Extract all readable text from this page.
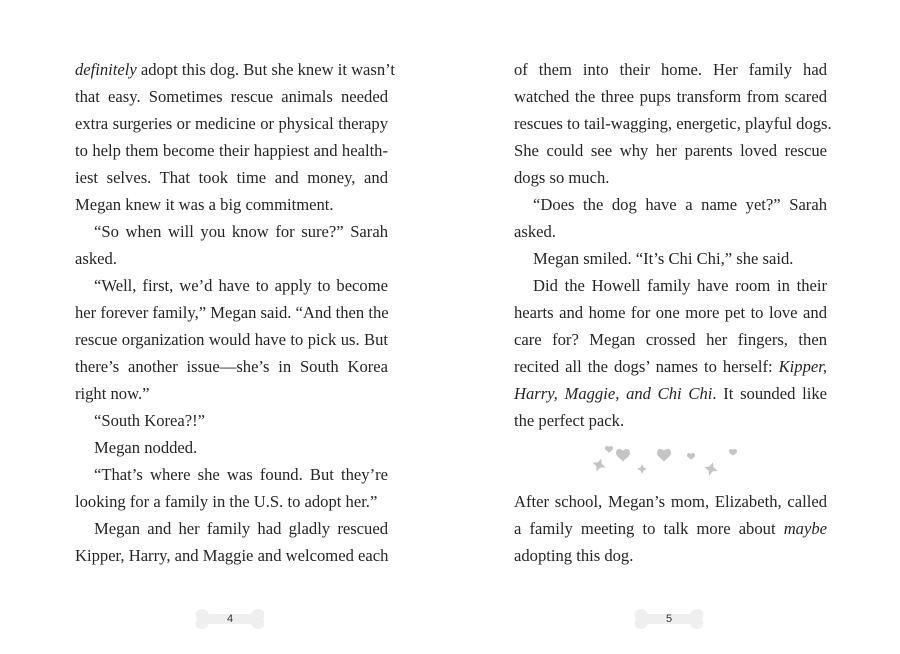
definitely adopt this dog. But she knew it wasn’t
that easy. Sometimes rescue animals needed
extra surgeries or medicine or physical therapy
to help them become their happiest and health-
iest selves. That took time and money, and
Megan knew it was a big commitment.
“So when will you know for sure?” Sarah
asked.
“Well, first, we’d have to apply to become
her forever family,” Megan said. “And then the
rescue organization would have to pick us. But
there’s another issue—she’s in South Korea
right now.”
“South Korea?!”
Megan nodded.
“That’s where she was found. But they’re
looking for a family in the U.S. to adopt her.”
Megan and her family had gladly rescued
Kipper, Harry, and Maggie and welcomed each
of them into their home. Her family had
watched the three pups transform from scared
rescues to tail-wagging, energetic, playful dogs.
She could see why her parents loved rescue
dogs so much.
“Does the dog have a name yet?” Sarah
asked.
Megan smiled. “It’s Chi Chi,” she said.
Did the Howell family have room in their
hearts and home for one more pet to love and
care for? Megan crossed her fingers, then
recited all the dogs’ names to herself: Kipper,
Harry, Maggie, and Chi Chi. It sounded like
the perfect pack.
After school, Megan’s mom, Elizabeth, called
a family meeting to talk more about maybe
adopting this dog.
4	5
